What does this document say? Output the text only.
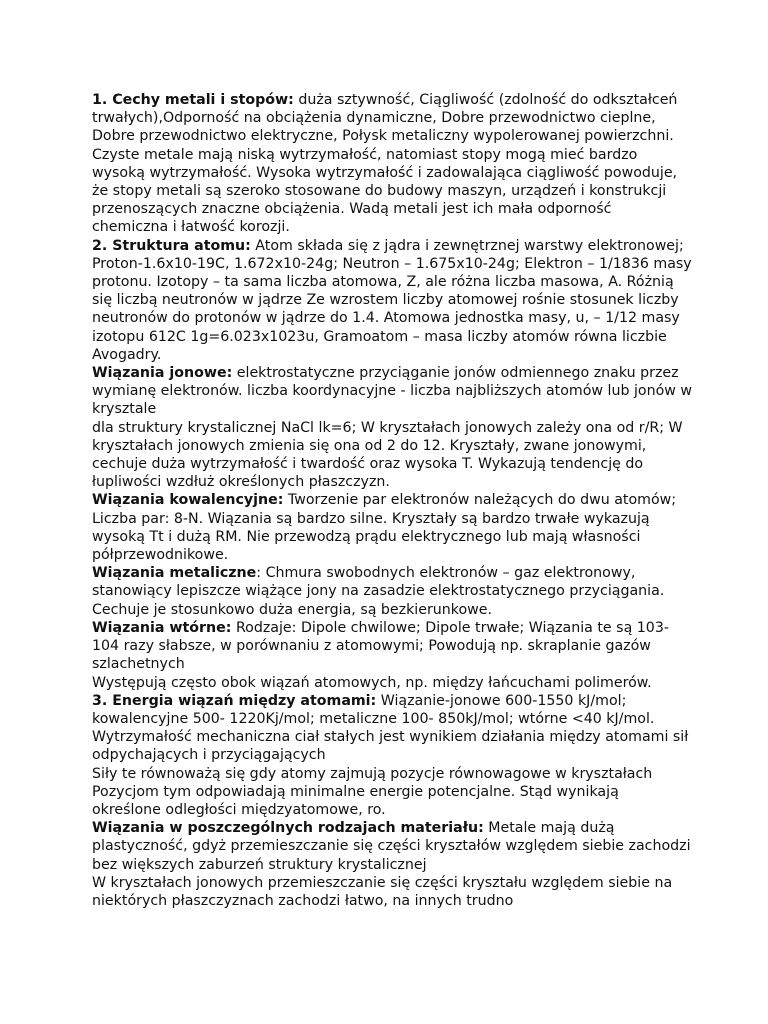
1. Cechy metali i stopów: duża sztywność, Ciągliwość (zdolność do odkształceń trwałych),Odporność na obciążenia dynamiczne, Dobre przewodnictwo cieplne, Dobre przewodnictwo elektryczne, Połysk metaliczny wypolerowanej powierzchni. Czyste metale mają niską wytrzymałość, natomiast stopy mogą mieć bardzo wysoką wytrzymałość. Wysoka wytrzymałość i zadowalająca ciągliwość powoduje, że stopy metali są szeroko stosowane do budowy maszyn, urządzeń i konstrukcji przenoszących znaczne obciążenia. Wadą metali jest ich mała odporność chemiczna i łatwość korozji.

2. Struktura atomu: Atom składa się z jądra i zewnętrznej warstwy elektronowej; Proton-1.6x10-19C, 1.672x10-24g; Neutron – 1.675x10-24g; Elektron – 1/1836 masy protonu. Izotopy – ta sama liczba atomowa, Z, ale różna liczba masowa, A. Różnią się liczbą neutronów w jądrze Ze wzrostem liczby atomowej rośnie stosunek liczby neutronów do protonów w jądrze do 1.4. Atomowa jednostka masy, u, – 1/12 masy izotopu 612C 1g=6.023x1023u, Gramoatom – masa liczby atomów równa liczbie Avogadry.

Wiązania jonowe: elektrostatyczne przyciąganie jonów odmiennego znaku przez wymianę elektronów. liczba koordynacyjne - liczba najbliższych atomów lub jonów w krysztale

dla struktury krystalicznej NaCl lk=6; W kryształach jonowych zależy ona od r/R; W kryształach jonowych zmienia się ona od 2 do 12. Kryształy, zwane jonowymi, cechuje duża wytrzymałość i twardość oraz wysoka T. Wykazują tendencję do łupliwości wzdłuż określonych płaszczyzn.

Wiązania kowalencyjne: Tworzenie par elektronów należących do dwu atomów; Liczba par: 8-N. Wiązania są bardzo silne. Kryształy są bardzo trwałe wykazują wysoką Tt i dużą RM. Nie przewodzą prądu elektrycznego lub mają własności półprzewodnikowe.

Wiązania metaliczne: Chmura swobodnych elektronów – gaz elektronowy, stanowiący lepiszcze wiążące jony na zasadzie elektrostatycznego przyciągania. Cechuje je stosunkowo duża energia, są bezkierunkowe.

Wiązania wtórne: Rodzaje: Dipole chwilowe; Dipole trwałe; Wiązania te są 103-104 razy słabsze, w porównaniu z atomowymi; Powodują np. skraplanie gazów szlachetnych

Występują często obok wiązań atomowych, np. między łańcuchami polimerów.

3. Energia wiązań między atomami: Wiązanie-jonowe 600-1550 kJ/mol; kowalencyjne 500- 1220Kj/mol; metaliczne 100- 850kJ/mol; wtórne <40 kJ/mol. Wytrzymałość mechaniczna ciał stałych jest wynikiem działania między atomami sił odpychających i przyciągających

Siły te równoważą się gdy atomy zajmują pozycje równowagowe w kryształach

Pozycjom tym odpowiadają minimalne energie potencjalne. Stąd wynikają określone odległości międzyatomowe, ro.

Wiązania w poszczególnych rodzajach materiału: Metale mają dużą plastyczność, gdyż przemieszczanie się części kryształów względem siebie zachodzi bez większych zaburzeń struktury krystalicznej

W kryształach jonowych przemieszczanie się części kryształu względem siebie na niektórych płaszczyznach zachodzi łatwo, na innych trudno
